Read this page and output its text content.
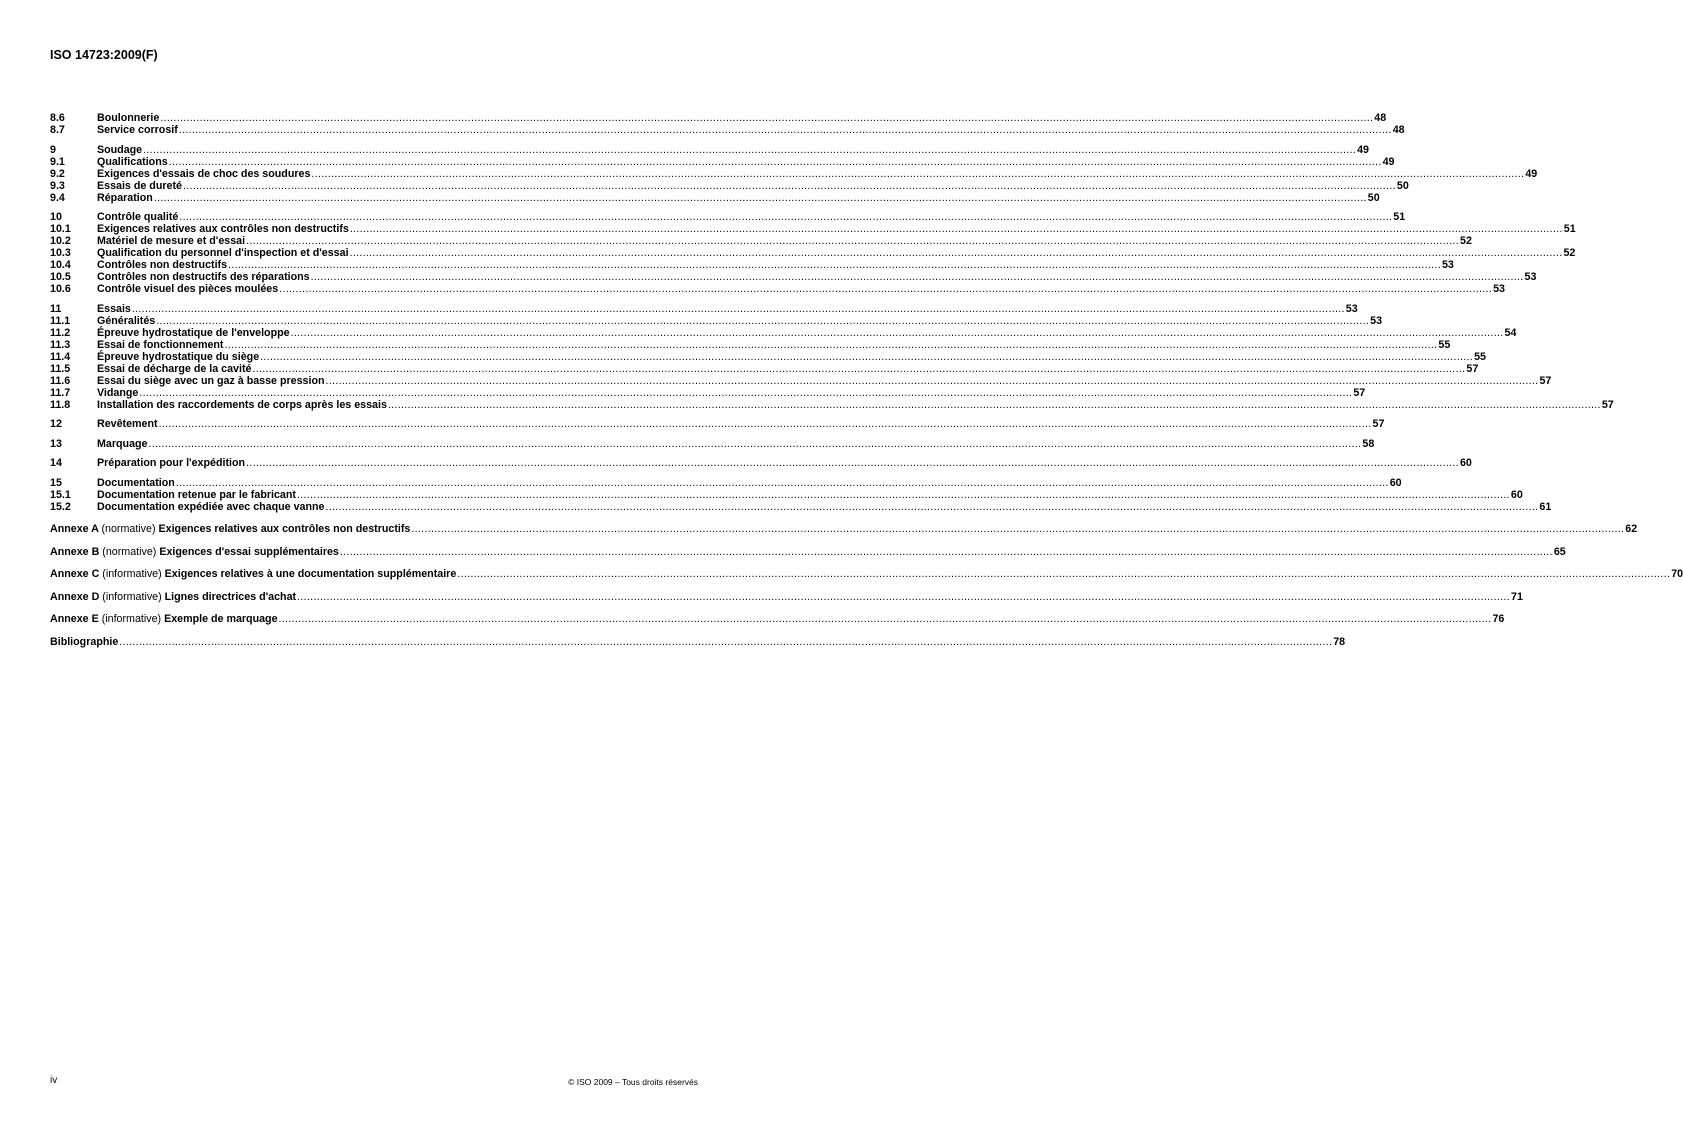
ISO 14723:2009(F)
8.6	Boulonnerie .....	48
8.7	Service corrosif .....	48
9	Soudage .....	49
9.1	Qualifications .....	49
9.2	Exigences d'essais de choc des soudures .....	49
9.3	Essais de dureté .....	50
9.4	Réparation .....	50
10	Contrôle qualité .....	51
10.1	Exigences relatives aux contrôles non destructifs .....	51
10.2	Matériel de mesure et d'essai .....	52
10.3	Qualification du personnel d'inspection et d'essai .....	52
10.4	Contrôles non destructifs .....	53
10.5	Contrôles non destructifs des réparations .....	53
10.6	Contrôle visuel des pièces moulées .....	53
11	Essais .....	53
11.1	Généralités .....	53
11.2	Épreuve hydrostatique de l'enveloppe .....	54
11.3	Essai de fonctionnement .....	55
11.4	Épreuve hydrostatique du siège .....	55
11.5	Essai de décharge de la cavité .....	57
11.6	Essai du siège avec un gaz à basse pression .....	57
11.7	Vidange .....	57
11.8	Installation des raccordements de corps après les essais .....	57
12	Revêtement .....	57
13	Marquage .....	58
14	Préparation pour l'expédition .....	60
15	Documentation .....	60
15.1	Documentation retenue par le fabricant .....	60
15.2	Documentation expédiée avec chaque vanne .....	61
Annexe A (normative) Exigences relatives aux contrôles non destructifs .....	62
Annexe B (normative) Exigences d'essai supplémentaires .....	65
Annexe C (informative) Exigences relatives à une documentation supplémentaire .....	70
Annexe D (informative) Lignes directrices d'achat .....	71
Annexe E (informative) Exemple de marquage .....	76
Bibliographie .....	78
iv	© ISO 2009 – Tous droits réservés
